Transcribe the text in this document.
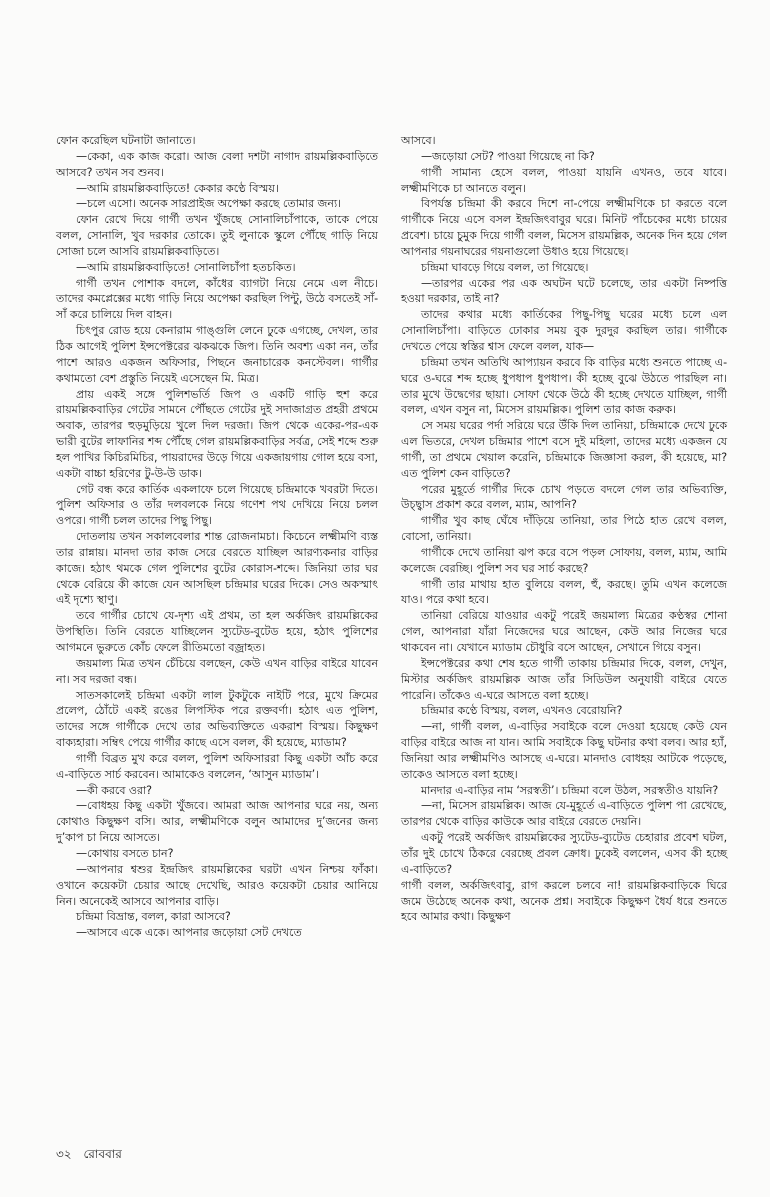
ফোন করেছিল ঘটনাটা জানাতে।

—কেকা, এক কাজ করো। আজ বেলা দশটা নাগাদ রায়মল্লিকবাড়িতে আসবে? তখন সব শুনব।

—আমি রায়মল্লিকবাড়িতে! কেকার কণ্ঠে বিস্ময়।

—চলে এসো। অনেক সারপ্রাইজ অপেক্ষা করছে তোমার জন্য।

ফোন রেখে দিয়ে গার্গী তখন খুঁজছে সোনালিচাঁপাকে, তাকে পেয়ে বলল, সোনালি, খুব দরকার তোকে। তুই লুনাকে স্কুলে পৌঁছে গাড়ি নিয়ে সোজা চলে আসবি রায়মল্লিকবাড়িতে।

—আমি রায়মল্লিকবাড়িতে! সোনালিচাঁপা হতচকিত।

গার্গী তখন পোশাক বদলে, কাঁধের ব্যাগটা নিয়ে নেমে এল নীচে। তাদের কমপ্লেক্সের মধ্যে গাড়ি নিয়ে অপেক্ষা করছিল পিন্টু, উঠে বসতেই সাঁ-সাঁ করে চালিয়ে দিল বাহন।

চিৎপুর রোড হয়ে কেনারাম গাঙ্গুলি লেনে ঢুকে এগচ্ছে, দেখল, তার ঠিক আগেই পুলিশ ইন্সপেক্টরের ঝকঝকে জিপ। তিনি অবশ্য একা নন, তাঁর পাশে আরও একজন অফিসার, পিছনে জনাচারেক কনস্টেবল। গার্গীর কথামতো বেশ প্রস্তুতি নিয়েই এসেছেন মি. মিত্র।

প্রায় একই সঙ্গে পুলিশভর্তি জিপ ও একটি গাড়ি হুশ করে রায়মল্লিকবাড়ির গেটের সামনে পৌঁছতে গেটের দুই সদাজাগ্রত প্রহরী প্রথমে অবাক, তারপর হুড়মুড়িয়ে খুলে দিল দরজা। জিপ থেকে একের-পর-এক ভারী বুটের লাফানির শব্দ পৌঁছে গেল রায়মল্লিকবাড়ির সর্বত্র, সেই শব্দে শুরু হল পাখির কিচিরমিচির, পায়রাদের উড়ে গিয়ে একজায়গায় গোল হয়ে বসা, একটা বাচ্চা হরিণের টু-উ-উ ডাক।

গেট বন্ধ করে কার্তিক একলাফে চলে গিয়েছে চন্দ্রিমাকে খবরটা দিতে। পুলিশ অফিসার ও তাঁর দলবলকে নিয়ে গণেশ পথ দেখিয়ে নিয়ে চলল ওপরে। গার্গী চলল তাদের পিছু পিছু।

দোতলায় তখন সকালবেলার শান্ত রোজনামচা। কিচেনে লক্ষ্মীমণি ব্যস্ত তার রান্নায়। মানদা তার কাজ সেরে বেরতে যাচ্ছিল আরণ্যকনার বাড়ির কাজে। হঠাৎ থমকে গেল পুলিশের বুটের কোরাস-শব্দে। জিনিয়া তার ঘর থেকে বেরিয়ে কী কাজে যেন আসছিল চন্দ্রিমার ঘরের দিকে। সেও অকস্মাৎ এই দৃশ্যে স্থাণু।

তবে গার্গীর চোখে যে-দৃশ্য এই প্রথম, তা হল অর্কজিৎ রায়মল্লিকের উপস্থিতি। তিনি বেরতে যাচ্ছিলেন স্যুটেড-বুটেড হয়ে, হঠাৎ পুলিশের আগমনে ভুরুতে কোঁচ ফেলে রীতিমতো বজ্রাহত।

জয়মাল্য মিত্র তখন চেঁচিয়ে বলছেন, কেউ এখন বাড়ির বাইরে যাবেন না। সব দরজা বন্ধ।

সাতসকালেই চন্দ্রিমা একটা লাল টুকটুকে নাইটি পরে, মুখে ক্রিমের প্রলেপ, ঠোঁটে একই রঙের লিপস্টিক পরে রক্তবর্ণা। হঠাৎ এত পুলিশ, তাদের সঙ্গে গার্গীকে দেখে তার অভিব্যক্তিতে একরাশ বিস্ময়। কিছুক্ষণ বাক্যহারা। সম্বিৎ পেয়ে গার্গীর কাছে এসে বলল, কী হয়েছে, ম্যাডাম?

গার্গী বিব্রত মুখ করে বলল, পুলিশ অফিসাররা কিছু একটা আঁচ করে এ-বাড়িতে সার্চ করবেন। আমাকেও বললেন, ‘আসুন ম্যাডাম’।

—কী করবে ওরা?

—বোধহয় কিছু একটা খুঁজবে। আমরা আজ আপনার ঘরে নয়, অন্য কোথাও কিছুক্ষণ বসি। আর, লক্ষ্মীমণিকে বলুন আমাদের দু’জনের জন্য দু’কাপ চা নিয়ে আসতে।

—কোথায় বসতে চান?

—আপনার শ্বশুর ইন্দ্রজিৎ রায়মল্লিকের ঘরটা এখন নিশ্চয় ফাঁকা। ওখানে কয়েকটা চেয়ার আছে দেখেছি, আরও কয়েকটা চেয়ার আনিয়ে নিন। অনেকেই আসবে আপনার বাড়ি।

চন্দ্রিমা বিভ্রান্ত, বলল, কারা আসবে?

—আসবে একে একে। আপনার জড়োয়া সেট দেখতে

আসবে।

—জড়োয়া সেট? পাওয়া গিয়েছে না কি?

গার্গী সামান্য হেসে বলল, পাওয়া যায়নি এখনও, তবে যাবে। লক্ষ্মীমণিকে চা আনতে বলুন।

বিপর্যস্ত চন্দ্রিমা কী করবে দিশে না-পেয়ে লক্ষ্মীমণিকে চা করতে বলে গার্গীকে নিয়ে এসে বসল ইন্দ্রজিৎবাবুর ঘরে। মিনিট পাঁচেকের মধ্যে চায়ের প্রবেশ। চায়ে চুমুক দিয়ে গার্গী বলল, মিসেস রায়মল্লিক, অনেক দিন হয়ে গেল আপনার গয়নাঘরের গয়নাগুলো উধাও হয়ে গিয়েছে।

চন্দ্রিমা ঘাবড়ে গিয়ে বলল, তা গিয়েছে।

—তারপর একের পর এক অঘটন ঘটে চলেছে, তার একটা নিষ্পত্তি হওয়া দরকার, তাই না?

তাদের কথার মধ্যে কার্তিকের পিছু-পিছু ঘরের মধ্যে চলে এল সোনালিচাঁপা। বাড়িতে ঢোকার সময় বুক দুরদুর করছিল তার। গার্গীকে দেখতে পেয়ে স্বস্তির শ্বাস ফেলে বলল, যাক—

চন্দ্রিমা তখন অতিথি আপ্যায়ন করবে কি বাড়ির মধ্যে শুনতে পাচ্ছে এ-ঘরে ও-ঘরে শব্দ হচ্ছে ধুপধাপ ধুপধাপ। কী হচ্ছে বুঝে উঠতে পারছিল না। তার মুখে উদ্বেগের ছায়া। সোফা থেকে উঠে কী হচ্ছে দেখতে যাচ্ছিল, গার্গী বলল, এখন বসুন না, মিসেস রায়মল্লিক। পুলিশ তার কাজ করুক।

সে সময় ঘরের পর্দা সরিয়ে ঘরে উঁকি দিল তানিয়া, চন্দ্রিমাকে দেখে ঢুকে এল ভিতরে, দেখল চন্দ্রিমার পাশে বসে দুই মহিলা, তাদের মধ্যে একজন যে গার্গী, তা প্রথমে খেয়াল করেনি, চন্দ্রিমাকে জিজ্ঞাসা করল, কী হয়েছে, মা? এত পুলিশ কেন বাড়িতে?

পরের মুহূর্তে গার্গীর দিকে চোখ পড়তে বদলে গেল তার অভিব্যক্তি, উচ্ছ্বাস প্রকাশ করে বলল, ম্যাম, আপনি?

গার্গীর খুব কাছ ঘেঁষে দাঁড়িয়ে তানিয়া, তার পিঠে হাত রেখে বলল, বোসো, তানিয়া।

গার্গীকে দেখে তানিয়া ঝপ করে বসে পড়ল সোফায়, বলল, ম্যাম, আমি কলেজে বেরচ্ছি। পুলিশ সব ঘর সার্চ করছে?

গার্গী তার মাথায় হাত বুলিয়ে বলল, হুঁ, করছে। তুমি এখন কলেজে যাও। পরে কথা হবে।

তানিয়া বেরিয়ে যাওয়ার একটু পরেই জয়মাল্য মিত্রের কণ্ঠস্বর শোনা গেল, আপনারা যাঁরা নিজেদের ঘরে আছেন, কেউ আর নিজের ঘরে থাকবেন না। যেখানে ম্যাডাম চৌধুরি বসে আছেন, সেখানে গিয়ে বসুন।

ইন্সপেক্টরের কথা শেষ হতে গার্গী তাকায় চন্দ্রিমার দিকে, বলল, দেখুন, মিস্টার অর্কজিৎ রায়মল্লিক আজ তাঁর সিডিউল অনুযায়ী বাইরে যেতে পারেনি। তাঁকেও এ-ঘরে আসতে বলা হচ্ছে।

চন্দ্রিমার কণ্ঠে বিস্ময়, বলল, এখনও বেরোয়নি?

—না, গার্গী বলল, এ-বাড়ির সবাইকে বলে দেওয়া হয়েছে কেউ যেন বাড়ির বাইরে আজ না যান। আমি সবাইকে কিছু ঘটনার কথা বলব। আর হ্যাঁ, জিনিয়া আর লক্ষ্মীমণিও আসছে এ-ঘরে। মানদাও বোধহয় আটকে পড়েছে, তাকেও আসতে বলা হচ্ছে।

মানদার এ-বাড়ির নাম ‘সরস্বতী’। চন্দ্রিমা বলে উঠল, সরস্বতীও যায়নি?

—না, মিসেস রায়মল্লিক। আজ যে-মুহূর্তে এ-বাড়িতে পুলিশ পা রেখেছে, তারপর থেকে বাড়ির কাউকে আর বাইরে বেরতে দেয়নি।

একটু পরেই অর্কজিৎ রায়মল্লিকের স্যুটেড-ব্যুটেড চেহারার প্রবেশ ঘটল, তাঁর দুই চোখে ঠিকরে বেরচ্ছে প্রবল ক্রোধ। ঢুকেই বললেন, এসব কী হচ্ছে এ-বাড়িতে?

গার্গী বলল, অর্কজিৎবাবু, রাগ করলে চলবে না! রায়মল্লিকবাড়িকে ঘিরে জমে উঠেছে অনেক কথা, অনেক প্রশ্ন। সবাইকে কিছুক্ষণ ধৈর্য ধরে শুনতে হবে আমার কথা। কিছুক্ষণ

৩২ রোববার
